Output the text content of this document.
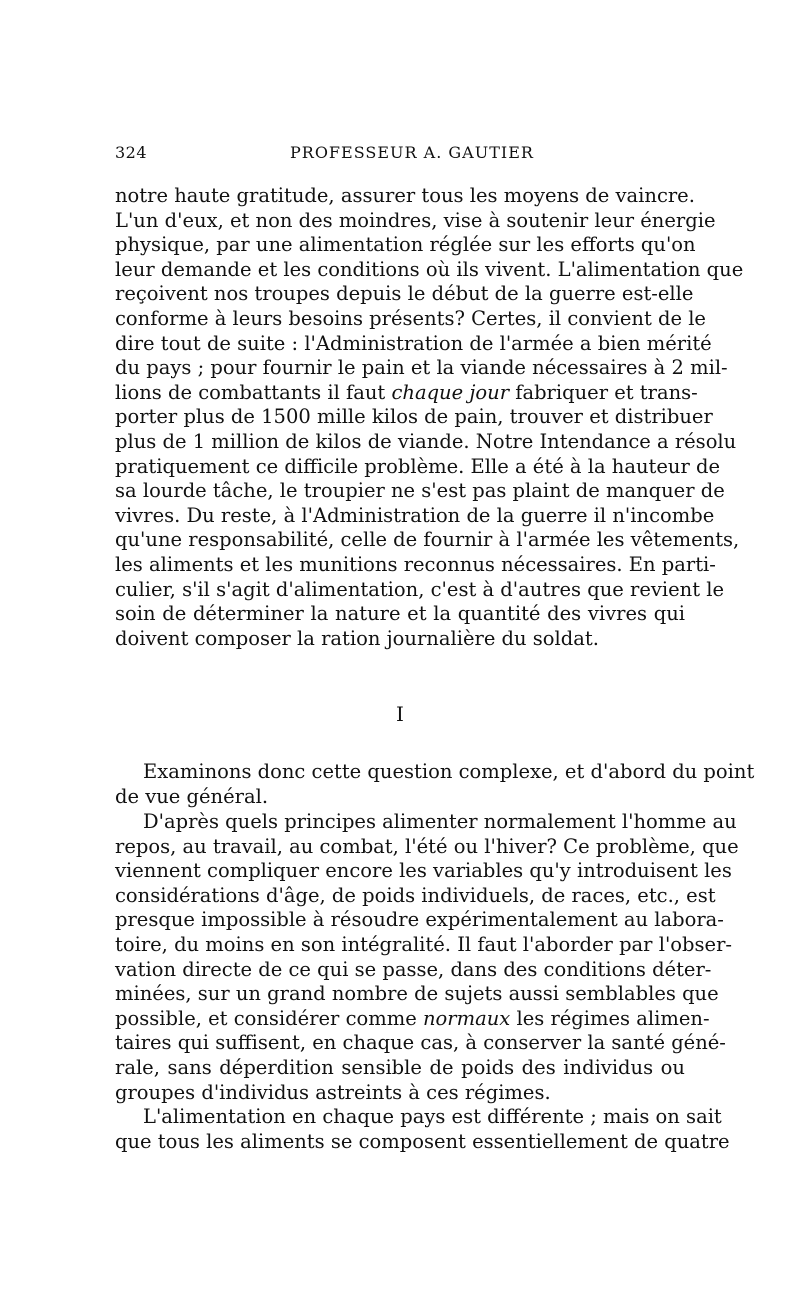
324	PROFESSEUR A. GAUTIER
notre haute gratitude, assurer tous les moyens de vaincre.
L'un d'eux, et non des moindres, vise à soutenir leur énergie
physique, par une alimentation réglée sur les efforts qu'on
leur demande et les conditions où ils vivent. L'alimentation que
reçoivent nos troupes depuis le début de la guerre est-elle
conforme à leurs besoins présents? Certes, il convient de le
dire tout de suite : l'Administration de l'armée a bien mérité
du pays ; pour fournir le pain et la viande nécessaires à 2 mil-
lions de combattants il faut chaque jour fabriquer et trans-
porter plus de 1500 mille kilos de pain, trouver et distribuer
plus de 1 million de kilos de viande. Notre Intendance a résolu
pratiquement ce difficile problème. Elle a été à la hauteur de
sa lourde tâche, le troupier ne s'est pas plaint de manquer de
vivres. Du reste, à l'Administration de la guerre il n'incombe
qu'une responsabilité, celle de fournir à l'armée les vêtements,
les aliments et les munitions reconnus nécessaires. En parti-
culier, s'il s'agit d'alimentation, c'est à d'autres que revient le
soin de déterminer la nature et la quantité des vivres qui
doivent composer la ration journalière du soldat.
I
Examinons donc cette question complexe, et d'abord du point
de vue général.
D'après quels principes alimenter normalement l'homme au
repos, au travail, au combat, l'été ou l'hiver? Ce problème, que
viennent compliquer encore les variables qu'y introduisent les
considérations d'âge, de poids individuels, de races, etc., est
presque impossible à résoudre expérimentalement au labora-
toire, du moins en son intégralité. Il faut l'aborder par l'obser-
vation directe de ce qui se passe, dans des conditions déter-
minées, sur un grand nombre de sujets aussi semblables que
possible, et considérer comme normaux les régimes alimen-
taires qui suffisent, en chaque cas, à conserver la santé géné-
rale, sans déperdition sensible de poids des individus ou
groupes d'individus astreints à ces régimes.
L'alimentation en chaque pays est différente ; mais on sait
que tous les aliments se composent essentiellement de quatre
